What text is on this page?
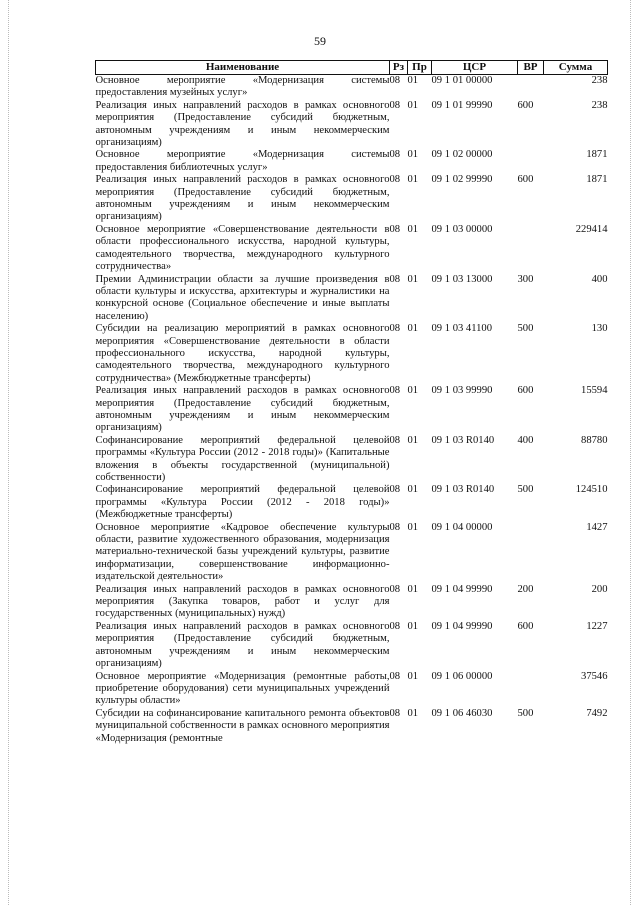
59
Наименование	Рз	Пр	ЦСР	ВР	Сумма
Основное мероприятие «Модернизация системы предоставления музейных услуг»	08	01	09 1 01 00000		238
Реализация иных направлений расходов в рамках основного мероприятия (Предоставление субсидий бюджетным, автономным учреждениям и иным некоммерческим организациям)	08	01	09 1 01 99990	600	238
Основное мероприятие «Модернизация системы предоставления библиотечных услуг»	08	01	09 1 02 00000		1871
Реализация иных направлений расходов в рамках основного мероприятия (Предоставление субсидий бюджетным, автономным учреждениям и иным некоммерческим организациям)	08	01	09 1 02 99990	600	1871
Основное мероприятие «Совершенствование деятельности в области профессионального искусства, народной культуры, самодеятельного творчества, международного культурного сотрудничества»	08	01	09 1 03 00000		229414
Премии Администрации области за лучшие произведения в области культуры и искусства, архитектуры и журналистики на конкурсной основе (Социальное обеспечение и иные выплаты населению)	08	01	09 1 03 13000	300	400
Субсидии на реализацию мероприятий в рамках основного мероприятия «Совершенствование деятельности в области профессионального искусства, народной культуры, самодеятельного творчества, международного культурного сотрудничества» (Межбюджетные трансферты)	08	01	09 1 03 41100	500	130
Реализация иных направлений расходов в рамках основного мероприятия (Предоставление субсидий бюджетным, автономным учреждениям и иным некоммерческим организациям)	08	01	09 1 03 99990	600	15594
Софинансирование мероприятий федеральной целевой программы «Культура России (2012 - 2018 годы)» (Капитальные вложения в объекты государственной (муниципальной) собственности)	08	01	09 1 03 R0140	400	88780
Софинансирование мероприятий федеральной целевой программы «Культура России (2012 - 2018 годы)» (Межбюджетные трансферты)	08	01	09 1 03 R0140	500	124510
Основное мероприятие «Кадровое обеспечение культуры области, развитие художественного образования, модернизация материально-технической базы учреждений культуры, развитие информатизации, совершенствование информационно-издательской деятельности»	08	01	09 1 04 00000		1427
Реализация иных направлений расходов в рамках основного мероприятия (Закупка товаров, работ и услуг для государственных (муниципальных) нужд)	08	01	09 1 04 99990	200	200
Реализация иных направлений расходов в рамках основного мероприятия (Предоставление субсидий бюджетным, автономным учреждениям и иным некоммерческим организациям)	08	01	09 1 04 99990	600	1227
Основное мероприятие «Модернизация (ремонтные работы, приобретение оборудования) сети муниципальных учреждений культуры области»	08	01	09 1 06 00000		37546
Субсидии на софинансирование капитального ремонта объектов муниципальной собственности в рамках основного мероприятия «Модернизация (ремонтные	08	01	09 1 06 46030	500	7492
